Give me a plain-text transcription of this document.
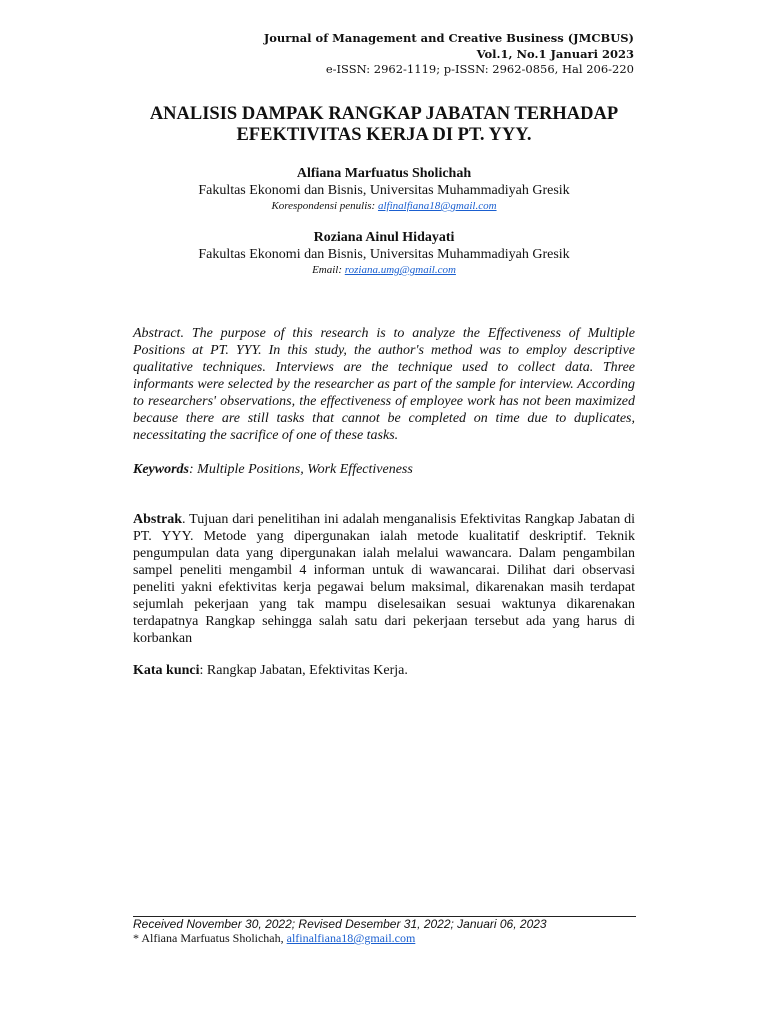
Journal of Management and Creative Business (JMCBUS)
Vol.1, No.1 Januari 2023
e-ISSN: 2962-1119; p-ISSN: 2962-0856, Hal 206-220
ANALISIS DAMPAK RANGKAP JABATAN TERHADAP
EFEKTIVITAS KERJA DI PT. YYY.
Alfiana Marfuatus Sholichah
Fakultas Ekonomi dan Bisnis, Universitas Muhammadiyah Gresik
Korespondensi penulis: alfinalfiana18@gmail.com
Roziana Ainul Hidayati
Fakultas Ekonomi dan Bisnis, Universitas Muhammadiyah Gresik
Email: roziana.umg@gmail.com

Abstract. The purpose of this research is to analyze the Effectiveness of Multiple Positions at PT. YYY. In this study, the author's method was to employ descriptive qualitative techniques. Interviews are the technique used to collect data. Three informants were selected by the researcher as part of the sample for interview. According to researchers' observations, the effectiveness of employee work has not been maximized because there are still tasks that cannot be completed on time due to duplicates, necessitating the sacrifice of one of these tasks.

Keywords: Multiple Positions, Work Effectiveness

Abstrak. Tujuan dari penelitihan ini adalah menganalisis Efektivitas Rangkap Jabatan di PT. YYY. Metode yang dipergunakan ialah metode kualitatif deskriptif. Teknik pengumpulan data yang dipergunakan ialah melalui wawancara. Dalam pengambilan sampel peneliti mengambil 4 informan untuk di wawancarai. Dilihat dari observasi peneliti yakni efektivitas kerja pegawai belum maksimal, dikarenakan masih terdapat sejumlah pekerjaan yang tak mampu diselesaikan sesuai waktunya dikarenakan terdapatnya Rangkap sehingga salah satu dari pekerjaan tersebut ada yang harus di korbankan

Kata kunci: Rangkap Jabatan, Efektivitas Kerja.

Received November 30, 2022; Revised Desember 31, 2022; Januari 06, 2023
* Alfiana Marfuatus Sholichah, alfinalfiana18@gmail.com
